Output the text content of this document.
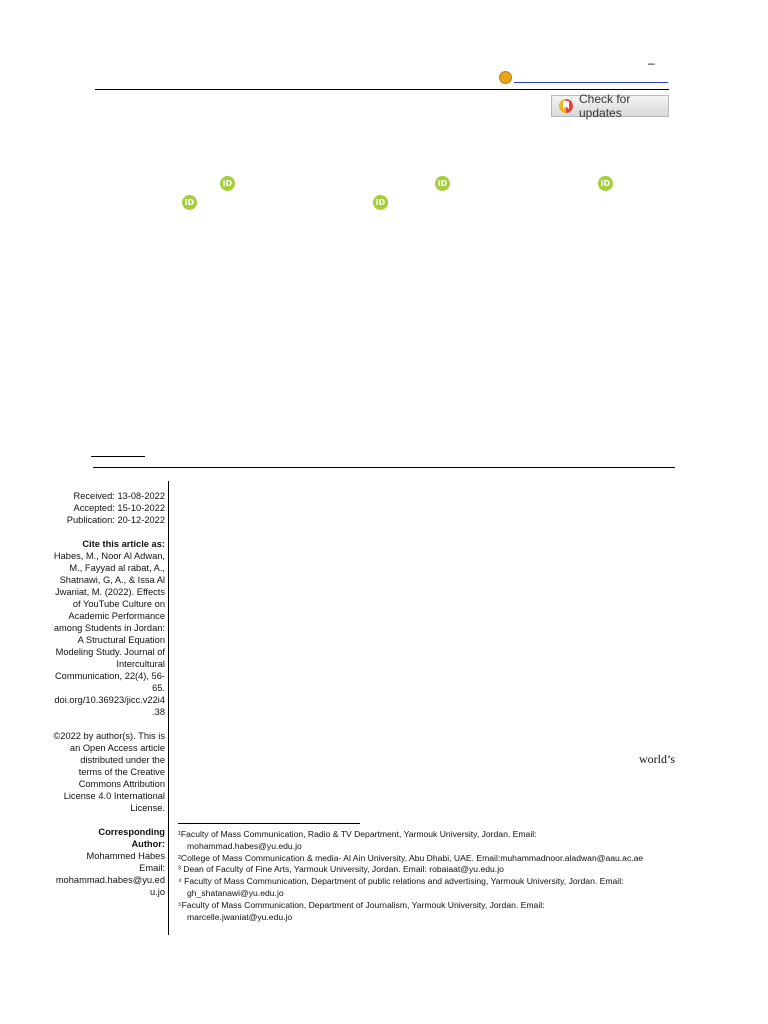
–
Check for updates
iD	iD	iD
iD	iD
Received: 13-08-2022
Accepted: 15-10-2022
Publication: 20-12-2022
Cite this article as:
Habes, M., Noor Al Adwan,
M., Fayyad al rabat, A.,
Shatnawi, G, A., & Issa Al
Jwaniat, M. (2022). Effects
of YouTube Culture on
Academic Performance
among Students in Jordan:
A Structural Equation
Modeling Study. Journal of
Intercultural
Communication, 22(4), 56-
65.
doi.org/10.36923/jicc.v22i4
.38
©2022 by author(s). This is
an Open Access article
distributed under the
terms of the Creative
Commons Attribution
License 4.0 International
License.
Corresponding
Author:
Mohammed Habes
Email:
mohammad.habes@yu.ed
u.jo
world’s
¹Faculty of Mass Communication, Radio & TV Department, Yarmouk University, Jordan. Email:
mohammad.habes@yu.edu.jo
²College of Mass Communication & media- Al Ain University, Abu Dhabi, UAE. Email:muhammadnoor.aladwan@aau.ac.ae
³ Dean of Faculty of Fine Arts, Yarmouk University, Jordan. Email: robaiaat@yu.edu.jo
⁴ Faculty of Mass Communication, Department of public relations and advertising, Yarmouk University, Jordan. Email:
gh_shatanawi@yu.edu.jo
⁵Faculty of Mass Communication, Department of Journalism, Yarmouk University, Jordan. Email:
marcelle.jwaniat@yu.edu.jo
